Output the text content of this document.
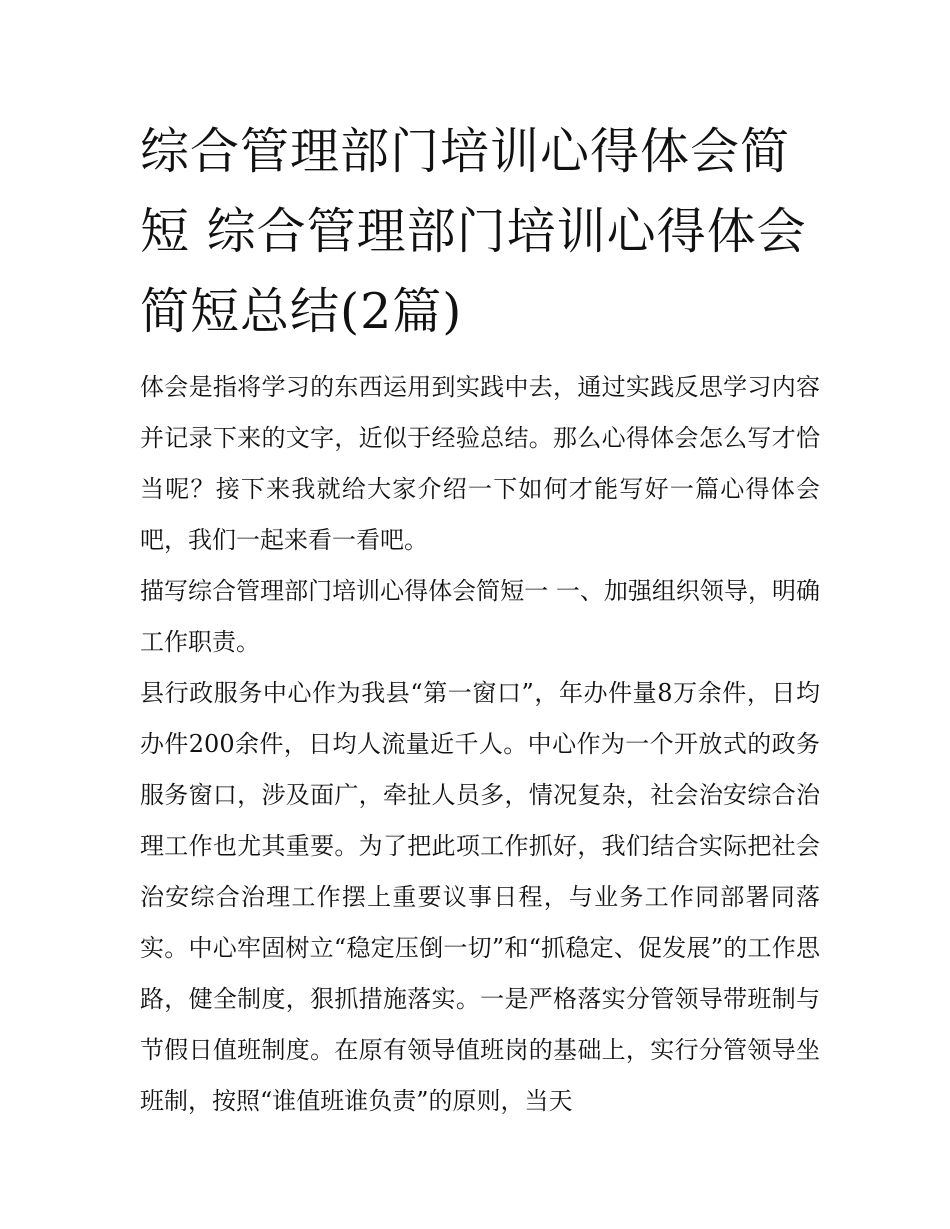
综合管理部门培训心得体会简短 综合管理部门培训心得体会简短总结(2篇)

体会是指将学习的东西运用到实践中去，通过实践反思学习内容并记录下来的文字，近似于经验总结。那么心得体会怎么写才恰当呢？接下来我就给大家介绍一下如何才能写好一篇心得体会吧，我们一起来看一看吧。

描写综合管理部门培训心得体会简短一 一、加强组织领导，明确工作职责。

县行政服务中心作为我县“第一窗口”，年办件量8万余件，日均办件200余件，日均人流量近千人。中心作为一个开放式的政务服务窗口，涉及面广，牵扯人员多，情况复杂，社会治安综合治理工作也尤其重要。为了把此项工作抓好，我们结合实际把社会治安综合治理工作摆上重要议事日程，与业务工作同部署同落实。中心牢固树立“稳定压倒一切”和“抓稳定、促发展”的工作思路，健全制度，狠抓措施落实。一是严格落实分管领导带班制与节假日值班制度。在原有领导值班岗的基础上，实行分管领导坐班制，按照“谁值班谁负责”的原则，当天
